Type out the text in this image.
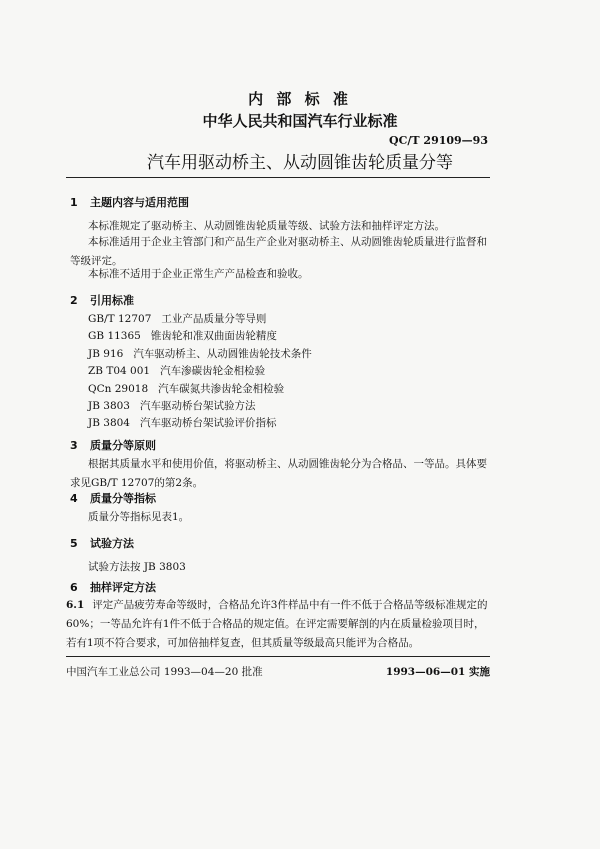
内 部 标 准
中华人民共和国汽车行业标准
QC/T 29109—93
汽车用驱动桥主、从动圆锥齿轮质量分等
1 主题内容与适用范围
本标准规定了驱动桥主、从动圆锥齿轮质量等级、试验方法和抽样评定方法。
本标准适用于企业主管部门和产品生产企业对驱动桥主、从动圆锥齿轮质量进行监督和等级评定。
本标准不适用于企业正常生产产品检查和验收。
2 引用标准
GB/T 12707 工业产品质量分等导则
GB 11365 锥齿轮和准双曲面齿轮精度
JB 916 汽车驱动桥主、从动圆锥齿轮技术条件
ZB T04 001 汽车渗碳齿轮金相检验
QCn 29018 汽车碳氮共渗齿轮金相检验
JB 3803 汽车驱动桥台架试验方法
JB 3804 汽车驱动桥台架试验评价指标
3 质量分等原则
根据其质量水平和使用价值，将驱动桥主、从动圆锥齿轮分为合格品、一等品。具体要求见GB/T 12707的第2条。
4 质量分等指标
质量分等指标见表1。
5 试验方法
试验方法按 JB 3803
6 抽样评定方法
6.1 评定产品疲劳寿命等级时，合格品允许3件样品中有一件不低于合格品等级标准规定的60%；一等品允许有1件不低于合格品的规定值。在评定需要解剖的内在质量检验项目时，若有1项不符合要求，可加倍抽样复查，但其质量等级最高只能评为合格品。
中国汽车工业总公司 1993—04—20 批准	1993—06—01 实施
